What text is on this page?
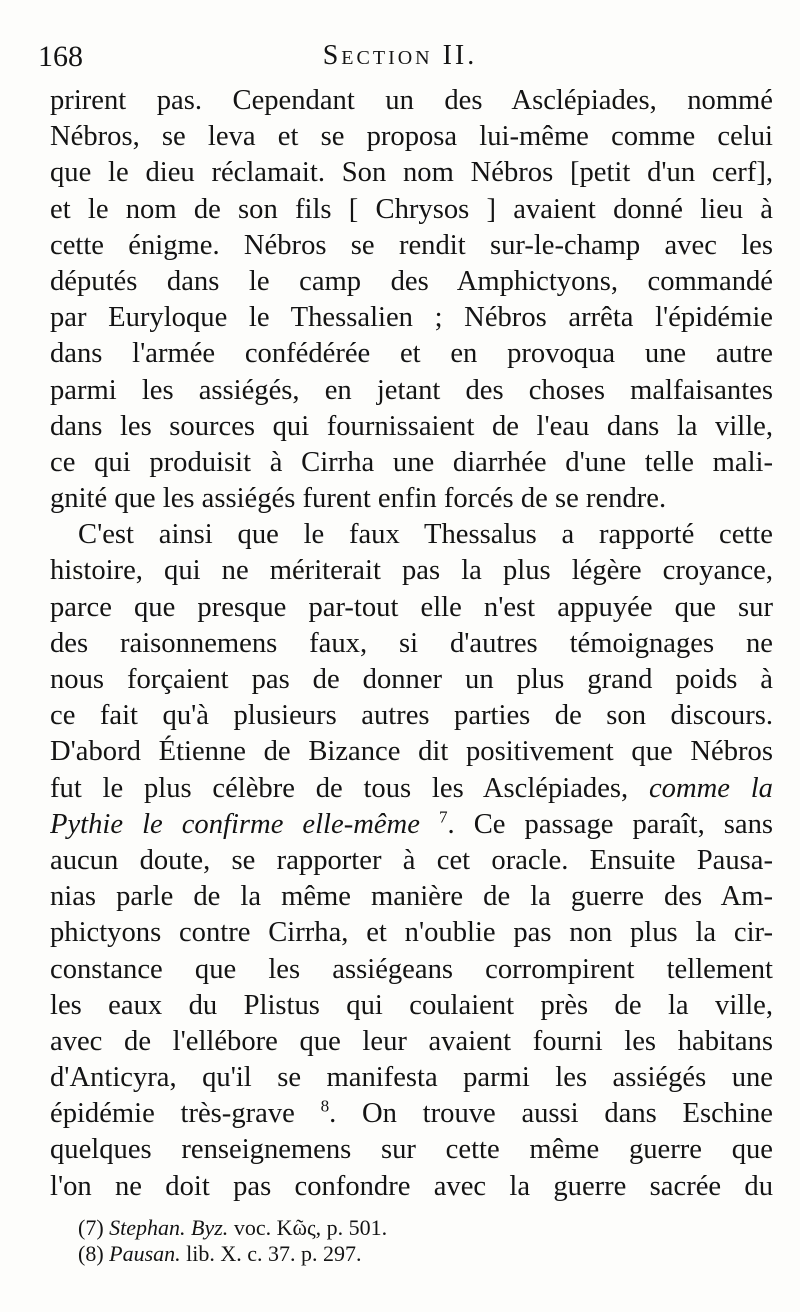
168	Section II.
prirent pas. Cependant un des Asclépiades, nommé
Nébros, se leva et se proposa lui-même comme celui
que le dieu réclamait. Son nom Nébros [petit d'un cerf],
et le nom de son fils [ Chrysos ] avaient donné lieu à
cette énigme. Nébros se rendit sur-le-champ avec les
députés dans le camp des Amphictyons, commandé
par Euryloque le Thessalien ; Nébros arrêta l'épidémie
dans l'armée confédérée et en provoqua une autre
parmi les assiégés, en jetant des choses malfaisantes
dans les sources qui fournissaient de l'eau dans la ville,
ce qui produisit à Cirrha une diarrhée d'une telle mali-
gnité que les assiégés furent enfin forcés de se rendre.
C'est ainsi que le faux Thessalus a rapporté cette
histoire, qui ne mériterait pas la plus légère croyance,
parce que presque par-tout elle n'est appuyée que sur
des raisonnemens faux, si d'autres témoignages ne
nous forçaient pas de donner un plus grand poids à
ce fait qu'à plusieurs autres parties de son discours.
D'abord Étienne de Bizance dit positivement que Nébros
fut le plus célèbre de tous les Asclépiades, comme la
Pythie le confirme elle-même $^7$. Ce passage paraît, sans
aucun doute, se rapporter à cet oracle. Ensuite Pausa-
nias parle de la même manière de la guerre des Am-
phictyons contre Cirrha, et n'oublie pas non plus la cir-
constance que les assiégeans corrompirent tellement
les eaux du Plistus qui coulaient près de la ville,
avec de l'ellébore que leur avaient fourni les habitans
d'Anticyra, qu'il se manifesta parmi les assiégés une
épidémie très-grave $^8$. On trouve aussi dans Eschine
quelques renseignemens sur cette même guerre que
l'on ne doit pas confondre avec la guerre sacrée du
(7) Stephan. Byz. voc. Κῶς, p. 501.
(8) Pausan. lib. X. c. 37. p. 297.
